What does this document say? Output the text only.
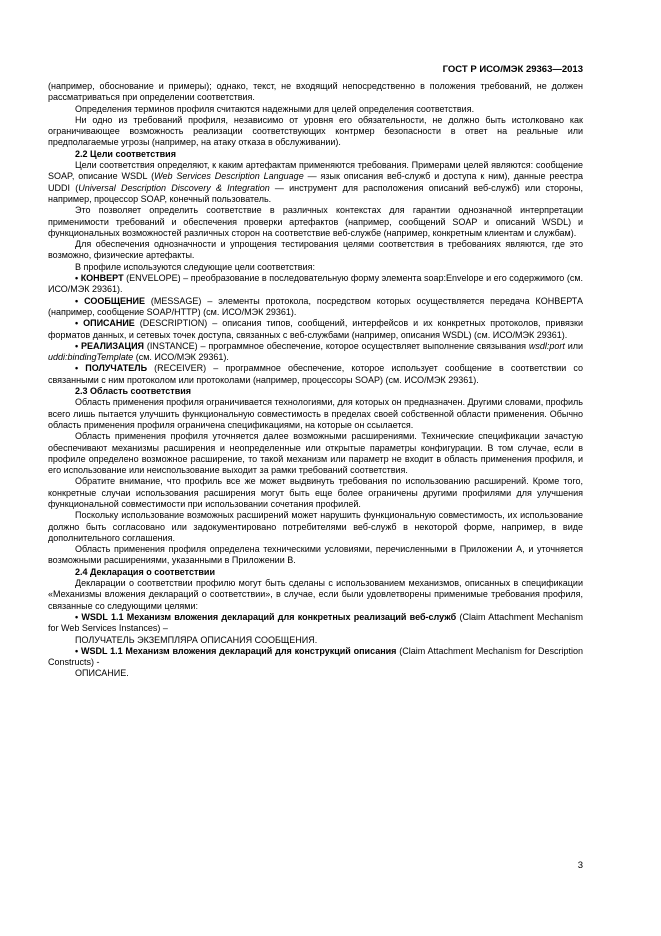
ГОСТ Р ИСО/МЭК 29363—2013

(например, обоснование и примеры); однако, текст, не входящий непосредственно в положения требований, не должен рассматриваться при определении соответствия.

Определения терминов профиля считаются надежными для целей определения соответствия.

Ни одно из требований профиля, независимо от уровня его обязательности, не должно быть истолковано как ограничивающее возможность реализации соответствующих контрмер безопасности в ответ на реальные или предполагаемые угрозы (например, на атаку отказа в обслуживании).

2.2 Цели соответствия

Цели соответствия определяют, к каким артефактам применяются требования. Примерами целей являются: сообщение SOAP, описание WSDL (Web Services Description Language — язык описания веб-служб и доступа к ним), данные реестра UDDI (Universal Description Discovery & Integration — инструмент для расположения описаний веб-служб) или стороны, например, процессор SOAP, конечный пользователь.

Это позволяет определить соответствие в различных контекстах для гарантии однозначной интерпретации применимости требований и обеспечения проверки артефактов (например, сообщений SOAP и описаний WSDL) и функциональных возможностей различных сторон на соответствие веб-службе (например, конкретным клиентам и службам).

Для обеспечения однозначности и упрощения тестирования целями соответствия в требованиях являются, где это возможно, физические артефакты.

В профиле используются следующие цели соответствия:

• КОНВЕРТ (ENVELOPE) – преобразование в последовательную форму элемента soap:Envelope и его содержимого (см. ИСО/МЭК 29361).

• СООБЩЕНИЕ (MESSAGE) – элементы протокола, посредством которых осуществляется передача КОНВЕРТА (например, сообщение SOAP/HTTP) (см. ИСО/МЭК 29361).

• ОПИСАНИЕ (DESCRIPTION) – описания типов, сообщений, интерфейсов и их конкретных протоколов, привязки форматов данных, и сетевых точек доступа, связанных с веб-службами (например, описания WSDL) (см. ИСО/МЭК 29361).

• РЕАЛИЗАЦИЯ (INSTANCE) – программное обеспечение, которое осуществляет выполнение связывания wsdl:port или uddi:bindingTemplate (см. ИСО/МЭК 29361).

• ПОЛУЧАТЕЛЬ (RECEIVER) – программное обеспечение, которое использует сообщение в соответствии со связанными с ним протоколом или протоколами (например, процессоры SOAP) (см. ИСО/МЭК 29361).

2.3 Область соответствия

Область применения профиля ограничивается технологиями, для которых он предназначен. Другими словами, профиль всего лишь пытается улучшить функциональную совместимость в пределах своей собственной области применения. Обычно область применения профиля ограничена спецификациями, на которые он ссылается.

Область применения профиля уточняется далее возможными расширениями. Технические спецификации зачастую обеспечивают механизмы расширения и неопределенные или открытые параметры конфигурации. В том случае, если в профиле определено возможное расширение, то такой механизм или параметр не входит в область применения профиля, и его использование или неиспользование выходит за рамки требований соответствия.

Обратите внимание, что профиль все же может выдвинуть требования по использованию расширений. Кроме того, конкретные случаи использования расширения могут быть еще более ограничены другими профилями для улучшения функциональной совместимости при использовании сочетания профилей.

Поскольку использование возможных расширений может нарушить функциональную совместимость, их использование должно быть согласовано или задокументировано потребителями веб-служб в некоторой форме, например, в виде дополнительного соглашения.

Область применения профиля определена техническими условиями, перечисленными в Приложении А, и уточняется возможными расширениями, указанными в Приложении В.

2.4 Декларация о соответствии

Декларации о соответствии профилю могут быть сделаны с использованием механизмов, описанных в спецификации «Механизмы вложения деклараций о соответствии», в случае, если были удовлетворены применимые требования профиля, связанные со следующими целями:

• WSDL 1.1 Механизм вложения деклараций для конкретных реализаций веб-служб (Claim Attachment Mechanism for Web Services Instances) –

ПОЛУЧАТЕЛЬ ЭКЗЕМПЛЯРА ОПИСАНИЯ СООБЩЕНИЯ.

• WSDL 1.1 Механизм вложения деклараций для конструкций описания (Claim Attachment Mechanism for Description Constructs) -

ОПИСАНИЕ.

3
